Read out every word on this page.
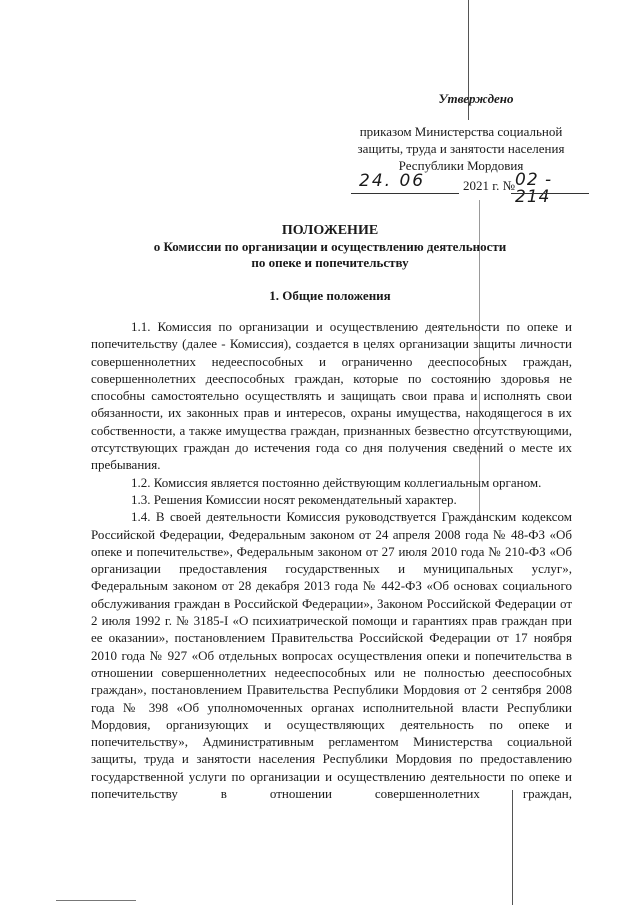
Утверждено
приказом Министерства социальной
защиты, труда и занятости населения
Республики Мордовия
24. 06	2021 г. № 02 - 214
ПОЛОЖЕНИЕ
о Комиссии по организации и осуществлению деятельности
по опеке и попечительству
1. Общие положения

1.1. Комиссия по организации и осуществлению деятельности по опеке и попечительству (далее - Комиссия), создается в целях организации защиты личности совершеннолетних недееспособных и ограниченно дееспособных граждан, совершеннолетних дееспособных граждан, которые по состоянию здоровья не способны самостоятельно осуществлять и защищать свои права и исполнять свои обязанности, их законных прав и интересов, охраны имущества, находящегося в их собственности, а также имущества граждан, признанных безвестно отсутствующими, отсутствующих граждан до истечения года со дня получения сведений о месте их пребывания.

1.2. Комиссия является постоянно действующим коллегиальным органом.

1.3. Решения Комиссии носят рекомендательный характер.

1.4. В своей деятельности Комиссия руководствуется Гражданским кодексом Российской Федерации, Федеральным законом от 24 апреля 2008 года № 48-ФЗ «Об опеке и попечительстве», Федеральным законом от 27 июля 2010 года № 210-ФЗ «Об организации предоставления государственных и муниципальных услуг», Федеральным законом от 28 декабря 2013 года № 442-ФЗ «Об основах социального обслуживания граждан в Российской Федерации», Законом Российской Федерации от 2 июля 1992 г. № 3185-I «О психиатрической помощи и гарантиях прав граждан при ее оказании», постановлением Правительства Российской Федерации от 17 ноября 2010 года № 927 «Об отдельных вопросах осуществления опеки и попечительства в отношении совершеннолетних недееспособных или не полностью дееспособных граждан», постановлением Правительства Республики Мордовия от 2 сентября 2008 года № 398 «Об уполномоченных органах исполнительной власти Республики Мордовия, организующих и осуществляющих деятельность по опеке и попечительству», Административным регламентом Министерства социальной защиты, труда и занятости населения Республики Мордовия по предоставлению государственной услуги по организации и осуществлению деятельности по опеке и попечительству в отношении совершеннолетних граждан,
